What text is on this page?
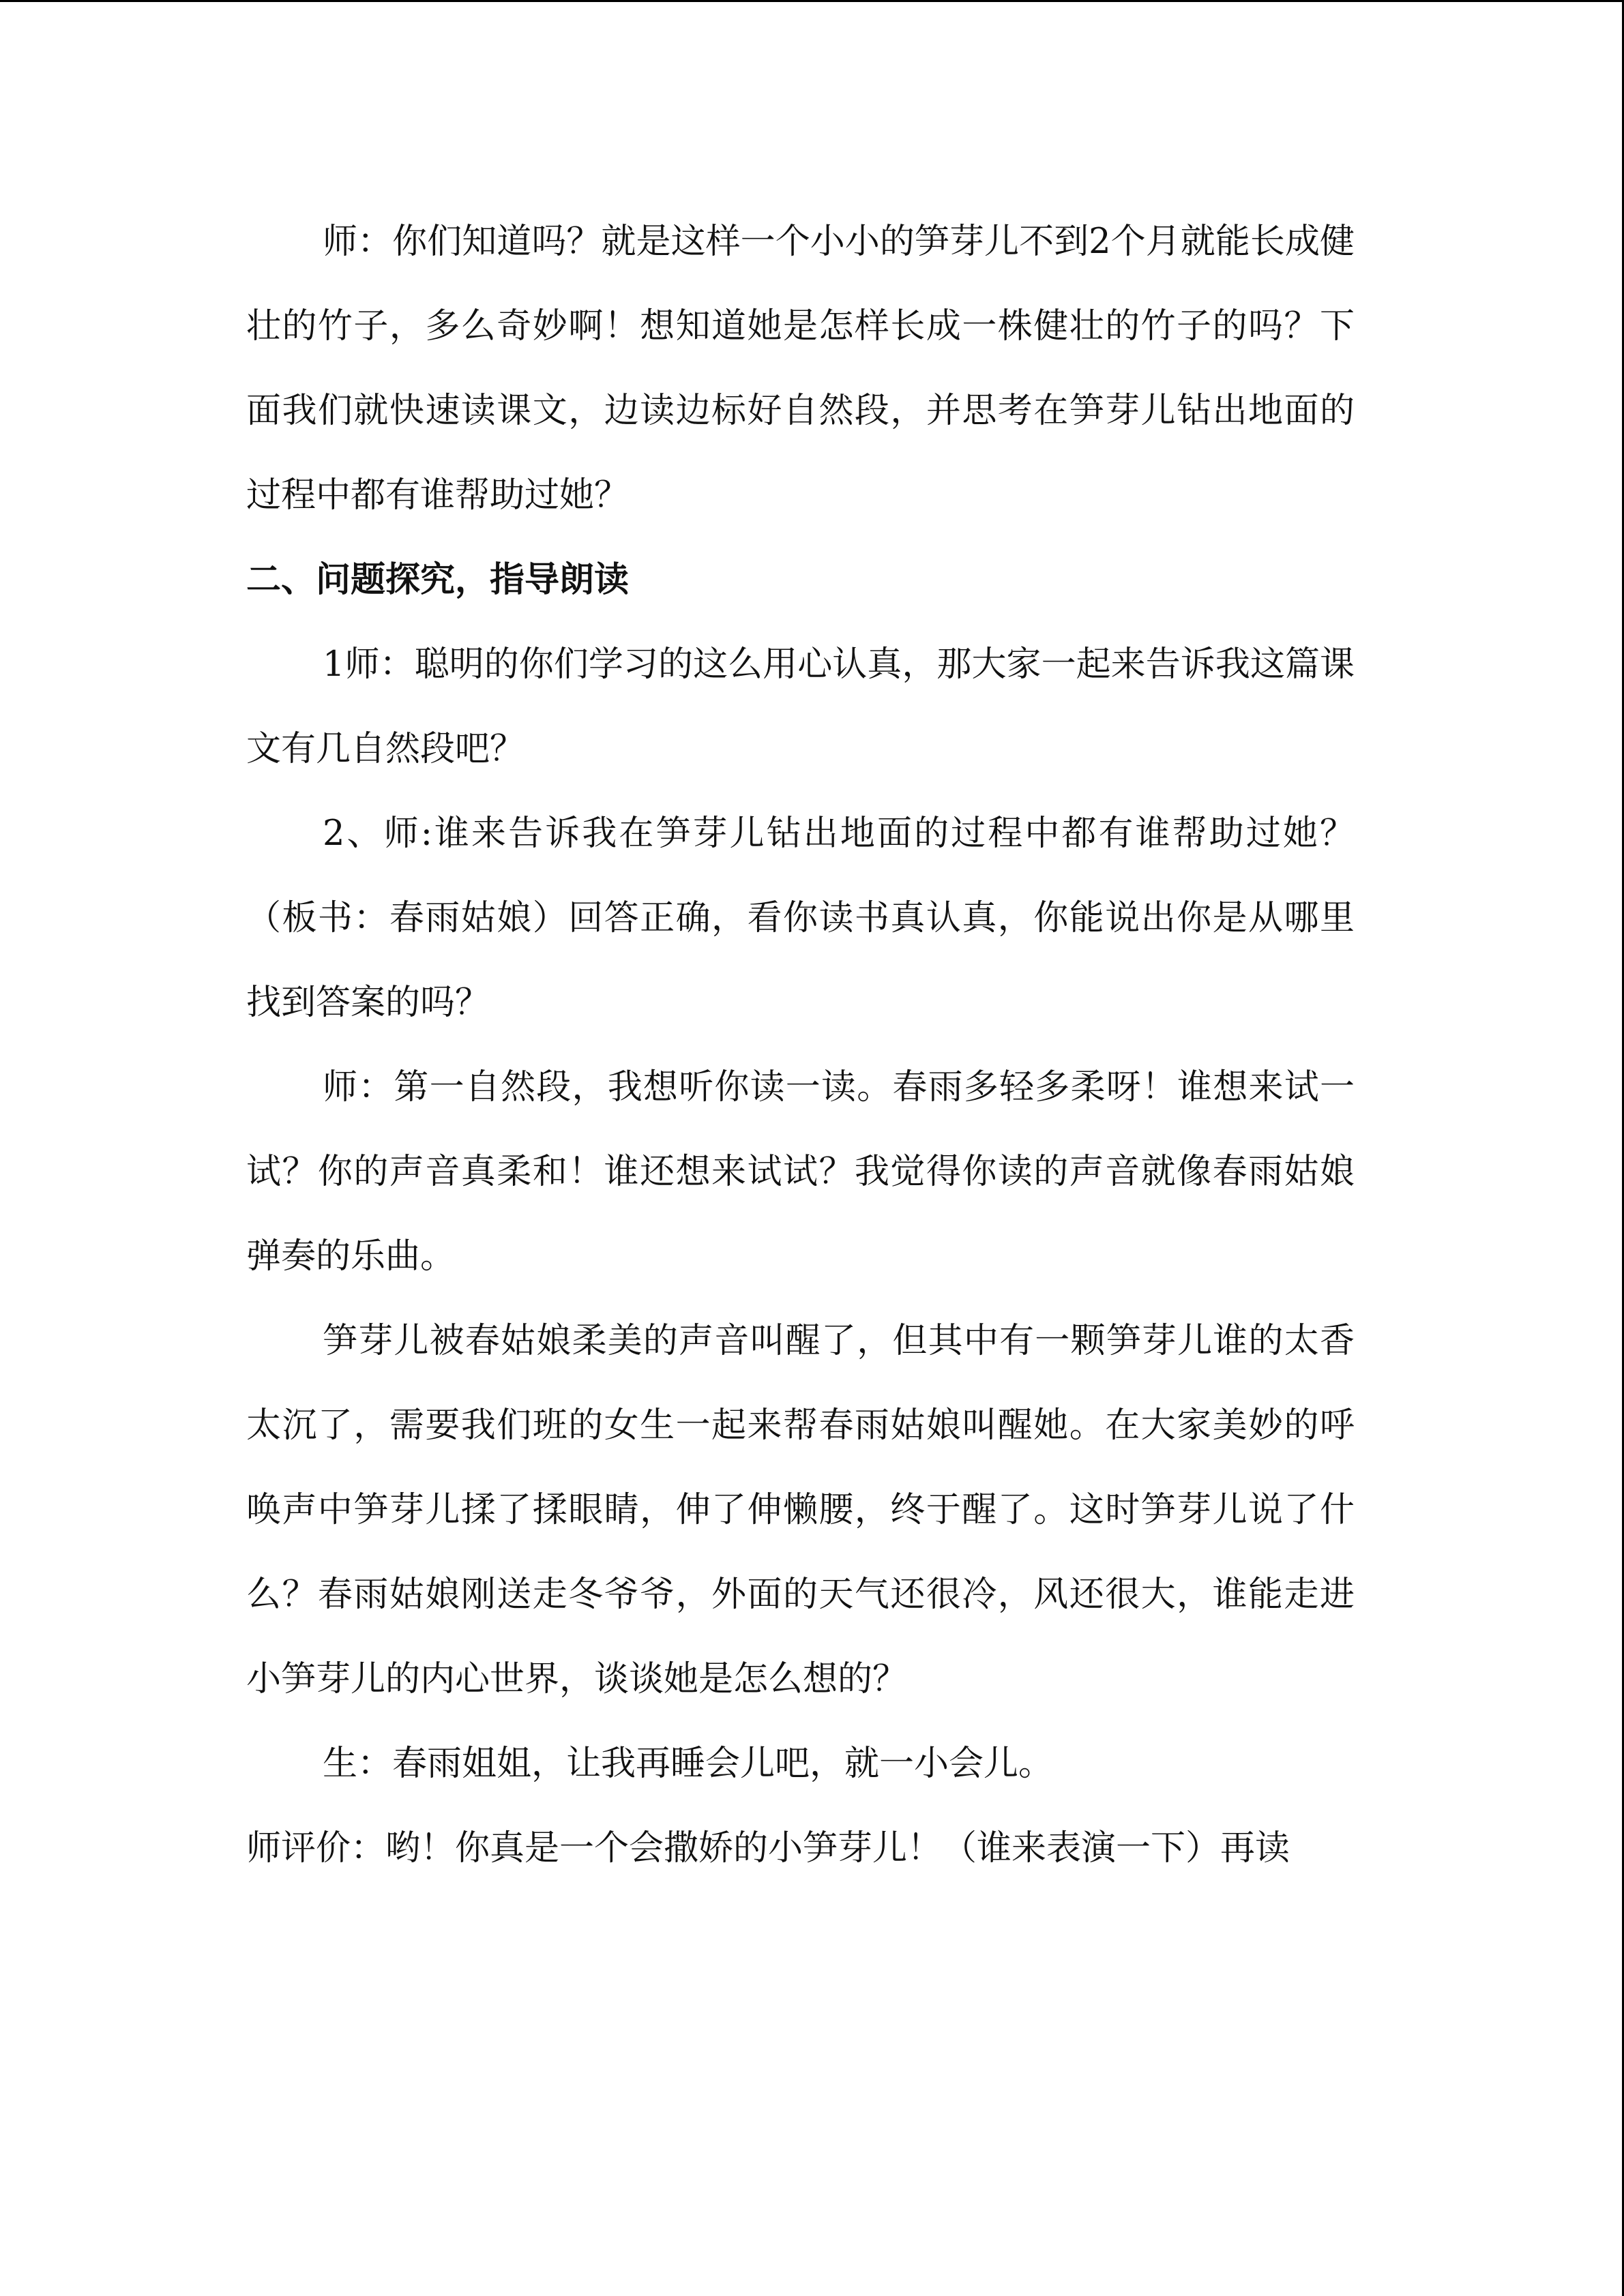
师：你们知道吗？就是这样一个小小的笋芽儿不到2个月就能长成健壮的竹子，多么奇妙啊！想知道她是怎样长成一株健壮的竹子的吗？下面我们就快速读课文，边读边标好自然段，并思考在笋芽儿钻出地面的过程中都有谁帮助过她？

二、问题探究，指导朗读

1师：聪明的你们学习的这么用心认真，那大家一起来告诉我这篇课文有几自然段吧？

2、师:谁来告诉我在笋芽儿钻出地面的过程中都有谁帮助过她？（板书：春雨姑娘）回答正确，看你读书真认真，你能说出你是从哪里找到答案的吗？

师：第一自然段，我想听你读一读。春雨多轻多柔呀！谁想来试一试？你的声音真柔和！谁还想来试试？我觉得你读的声音就像春雨姑娘弹奏的乐曲。

笋芽儿被春姑娘柔美的声音叫醒了，但其中有一颗笋芽儿谁的太香太沉了，需要我们班的女生一起来帮春雨姑娘叫醒她。在大家美妙的呼唤声中笋芽儿揉了揉眼睛，伸了伸懒腰，终于醒了。这时笋芽儿说了什么？春雨姑娘刚送走冬爷爷，外面的天气还很冷，风还很大，谁能走进小笋芽儿的内心世界，谈谈她是怎么想的？

生：春雨姐姐，让我再睡会儿吧，就一小会儿。

师评价：哟！你真是一个会撒娇的小笋芽儿！（谁来表演一下）再读
